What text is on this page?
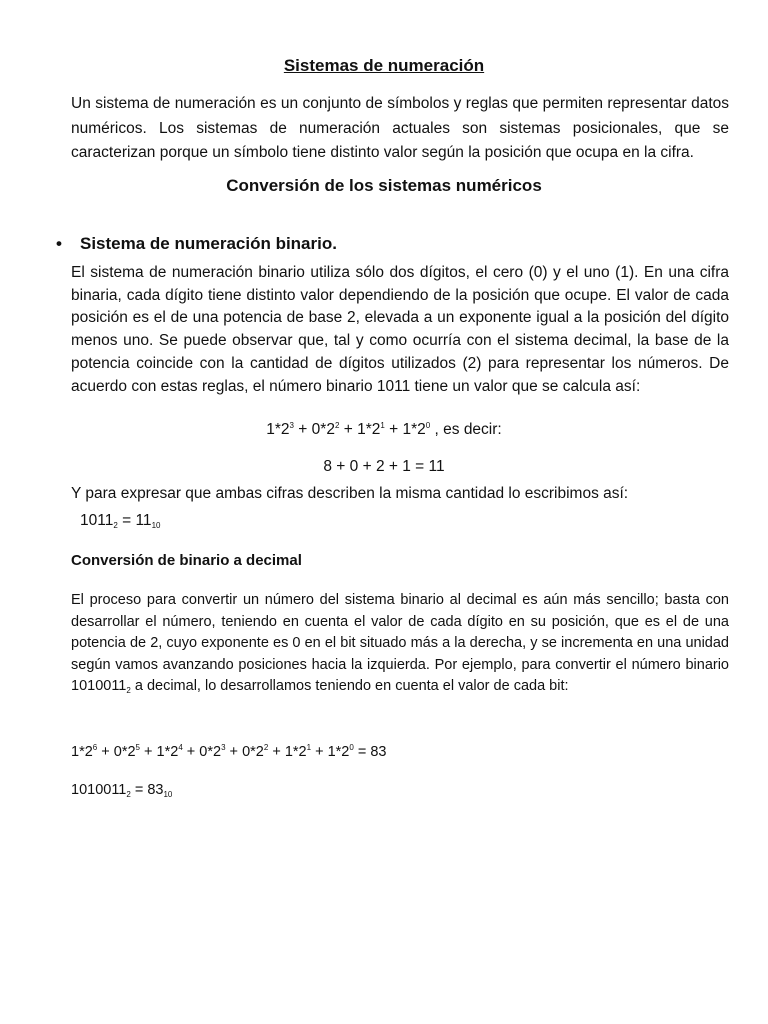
Sistemas de numeración
Un sistema de numeración es un conjunto de símbolos y reglas que permiten representar datos numéricos. Los sistemas de numeración actuales son sistemas posicionales, que se caracterizan porque un símbolo tiene distinto valor según la posición que ocupa en la cifra.
Conversión de los sistemas numéricos
• Sistema de numeración binario.
El sistema de numeración binario utiliza sólo dos dígitos, el cero (0) y el uno (1). En una cifra binaria, cada dígito tiene distinto valor dependiendo de la posición que ocupe. El valor de cada posición es el de una potencia de base 2, elevada a un exponente igual a la posición del dígito menos uno. Se puede observar que, tal y como ocurría con el sistema decimal, la base de la potencia coincide con la cantidad de dígitos utilizados (2) para representar los números. De acuerdo con estas reglas, el número binario 1011 tiene un valor que se calcula así:
$1*2^3 + 0*2^2 + 1*2^1 + 1*2^0$ , es decir:
8 + 0 + 2 + 1 = 11
Y para expresar que ambas cifras describen la misma cantidad lo escribimos así:
$1011_2 = 11_{10}$
Conversión de binario a decimal
El proceso para convertir un número del sistema binario al decimal es aún más sencillo; basta con desarrollar el número, teniendo en cuenta el valor de cada dígito en su posición, que es el de una potencia de 2, cuyo exponente es 0 en el bit situado más a la derecha, y se incrementa en una unidad según vamos avanzando posiciones hacia la izquierda. Por ejemplo, para convertir el número binario $1010011_2$ a decimal, lo desarrollamos teniendo en cuenta el valor de cada bit:
$1*2^6 + 0*2^5 + 1*2^4 + 0*2^3 + 0*2^2 + 1*2^1 + 1*2^0 = 83$
$1010011_2 = 83_{10}$
